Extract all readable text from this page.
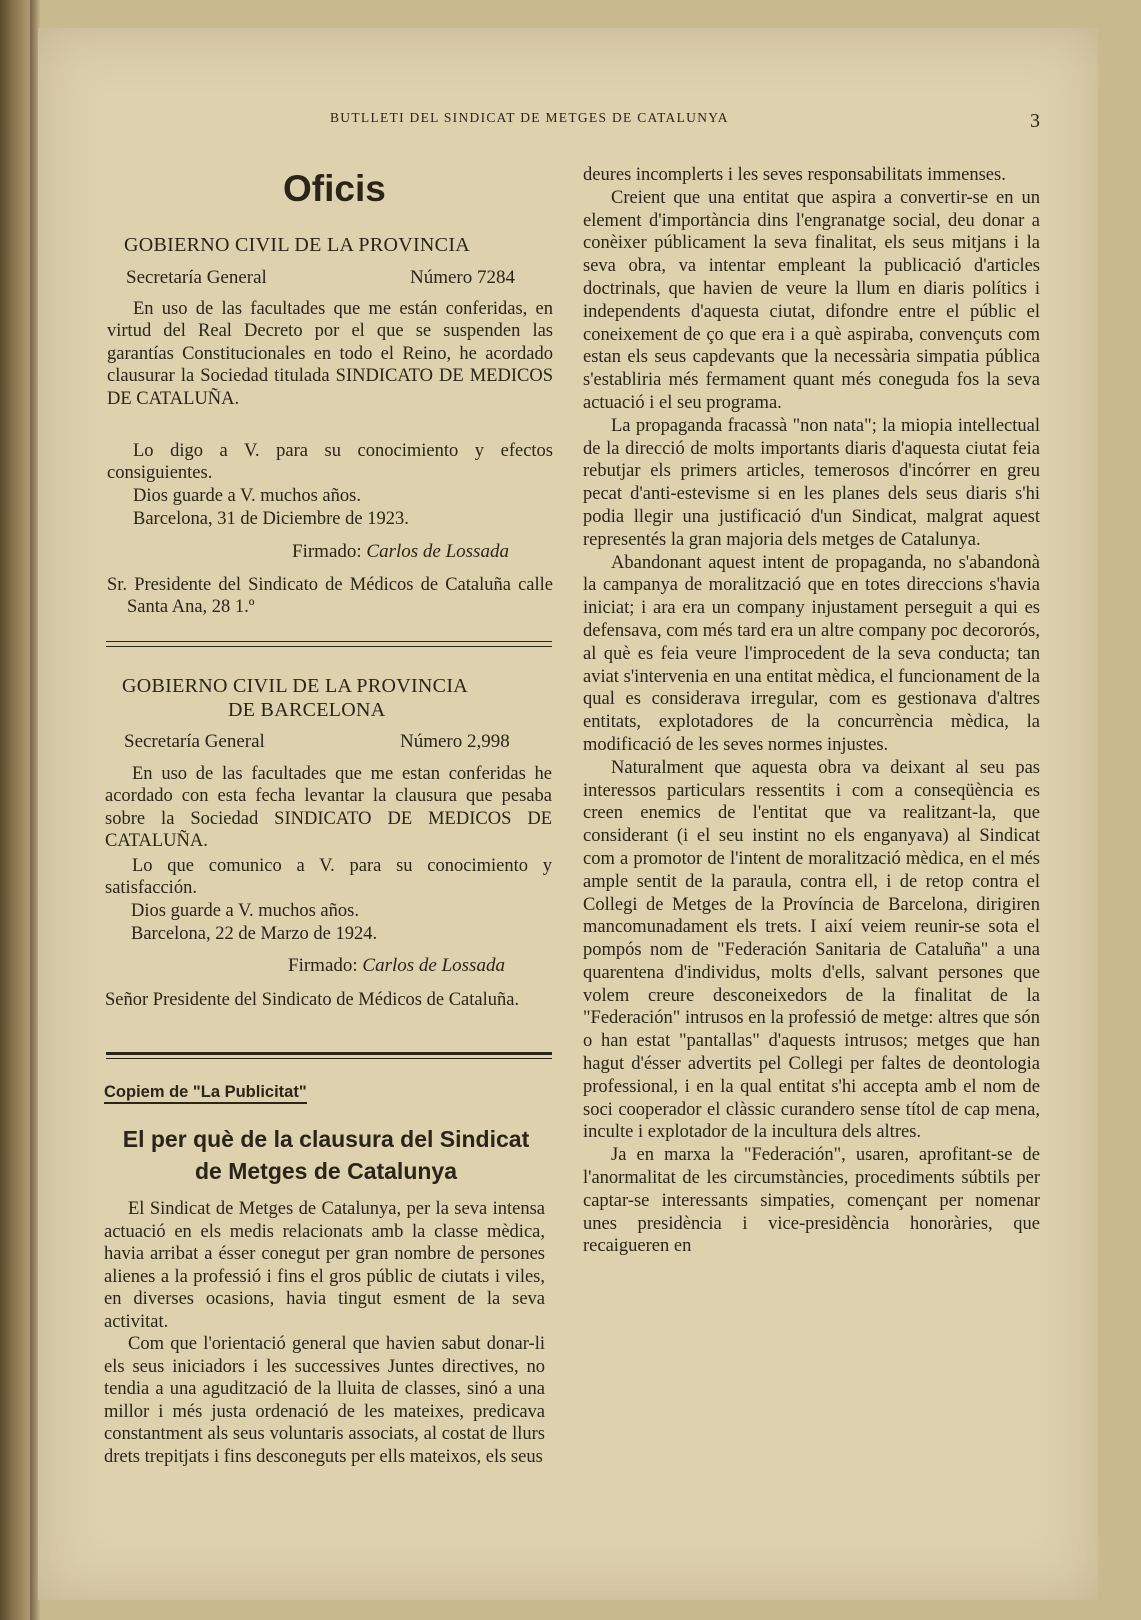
BUTLLETI DEL SINDICAT DE METGES DE CATALUNYA	3
Oficis
GOBIERNO CIVIL DE LA PROVINCIA
Secretaría General	Número 7284
En uso de las facultades que me están conferidas, en virtud del Real Decreto por el que se suspenden las garantías Constitucionales en todo el Reino, he acordado clausurar la Sociedad titulada SINDICATO DE MEDICOS DE CATALUÑA.
Lo digo a V. para su conocimiento y efectos consiguientes.
Dios guarde a V. muchos años.
Barcelona, 31 de Diciembre de 1923.
Firmado: Carlos de Lossada
Sr. Presidente del Sindicato de Médicos de Cataluña calle Santa Ana, 28 1.º
GOBIERNO CIVIL DE LA PROVINCIA
DE BARCELONA
Secretaría General	Número 2,998
En uso de las facultades que me estan conferidas he acordado con esta fecha levantar la clausura que pesaba sobre la Sociedad SINDICATO DE MEDICOS DE CATALUÑA.
Lo que comunico a V. para su conocimiento y satisfacción.
Dios guarde a V. muchos años.
Barcelona, 22 de Marzo de 1924.
Firmado: Carlos de Lossada
Señor Presidente del Sindicato de Médicos de Cataluña.
Copiem de "La Publicitat"
El per què de la clausura del Sindicat
de Metges de Catalunya

El Sindicat de Metges de Catalunya, per la seva intensa actuació en els medis relacionats amb la classe mèdica, havia arribat a ésser conegut per gran nombre de persones alienes a la professió i fins el gros públic de ciutats i viles, en diverses ocasions, havia tingut esment de la seva activitat.

Com que l'orientació general que havien sabut donar-li els seus iniciadors i les successives Juntes directives, no tendia a una agudització de la lluita de classes, sinó a una millor i més justa ordenació de les mateixes, predicava constantment als seus voluntaris associats, al costat de llurs drets trepitjats i fins desconeguts per ells mateixos, els seus

deures incomplerts i les seves responsabilitats immenses.

Creient que una entitat que aspira a convertir-se en un element d'importància dins l'engranatge social, deu donar a conèixer públicament la seva finalitat, els seus mitjans i la seva obra, va intentar empleant la publicació d'articles doctrinals, que havien de veure la llum en diaris polítics i independents d'aquesta ciutat, difondre entre el públic el coneixement de ço que era i a què aspiraba, convençuts com estan els seus capdevants que la necessària simpatia pública s'establiria més fermament quant més coneguda fos la seva actuació i el seu programa.

La propaganda fracassà "non nata"; la miopia intellectual de la direcció de molts importants diaris d'aquesta ciutat feia rebutjar els primers articles, temerosos d'incórrer en greu pecat d'anti-estevisme si en les planes dels seus diaris s'hi podia llegir una justificació d'un Sindicat, malgrat aquest representés la gran majoria dels metges de Catalunya.

Abandonant aquest intent de propaganda, no s'abandonà la campanya de moralització que en totes direccions s'havia iniciat; i ara era un company injustament perseguit a qui es defensava, com més tard era un altre company poc decororós, al què es feia veure l'improcedent de la seva conducta; tan aviat s'intervenia en una entitat mèdica, el funcionament de la qual es considerava irregular, com es gestionava d'altres entitats, explotadores de la concurrència mèdica, la modificació de les seves normes injustes.

Naturalment que aquesta obra va deixant al seu pas interessos particulars ressentits i com a conseqüència es creen enemics de l'entitat que va realitzant-la, que considerant (i el seu instint no els enganyava) al Sindicat com a promotor de l'intent de moralització mèdica, en el més ample sentit de la paraula, contra ell, i de retop contra el Collegi de Metges de la Província de Barcelona, dirigiren mancomunadament els trets. I així veiem reunir-se sota el pompós nom de "Federación Sanitaria de Cataluña" a una quarentena d'individus, molts d'ells, salvant persones que volem creure desconeixedors de la finalitat de la "Federación" intrusos en la professió de metge: altres que són o han estat "pantallas" d'aquests intrusos; metges que han hagut d'ésser advertits pel Collegi per faltes de deontologia professional, i en la qual entitat s'hi accepta amb el nom de soci cooperador el clàssic curandero sense títol de cap mena, inculte i explotador de la incultura dels altres.

Ja en marxa la "Federación", usaren, aprofitant-se de l'anormalitat de les circumstàncies, procediments súbtils per captar-se interessants simpaties, començant per nomenar unes presidència i vice-presidència honoràries, que recaigueren en
